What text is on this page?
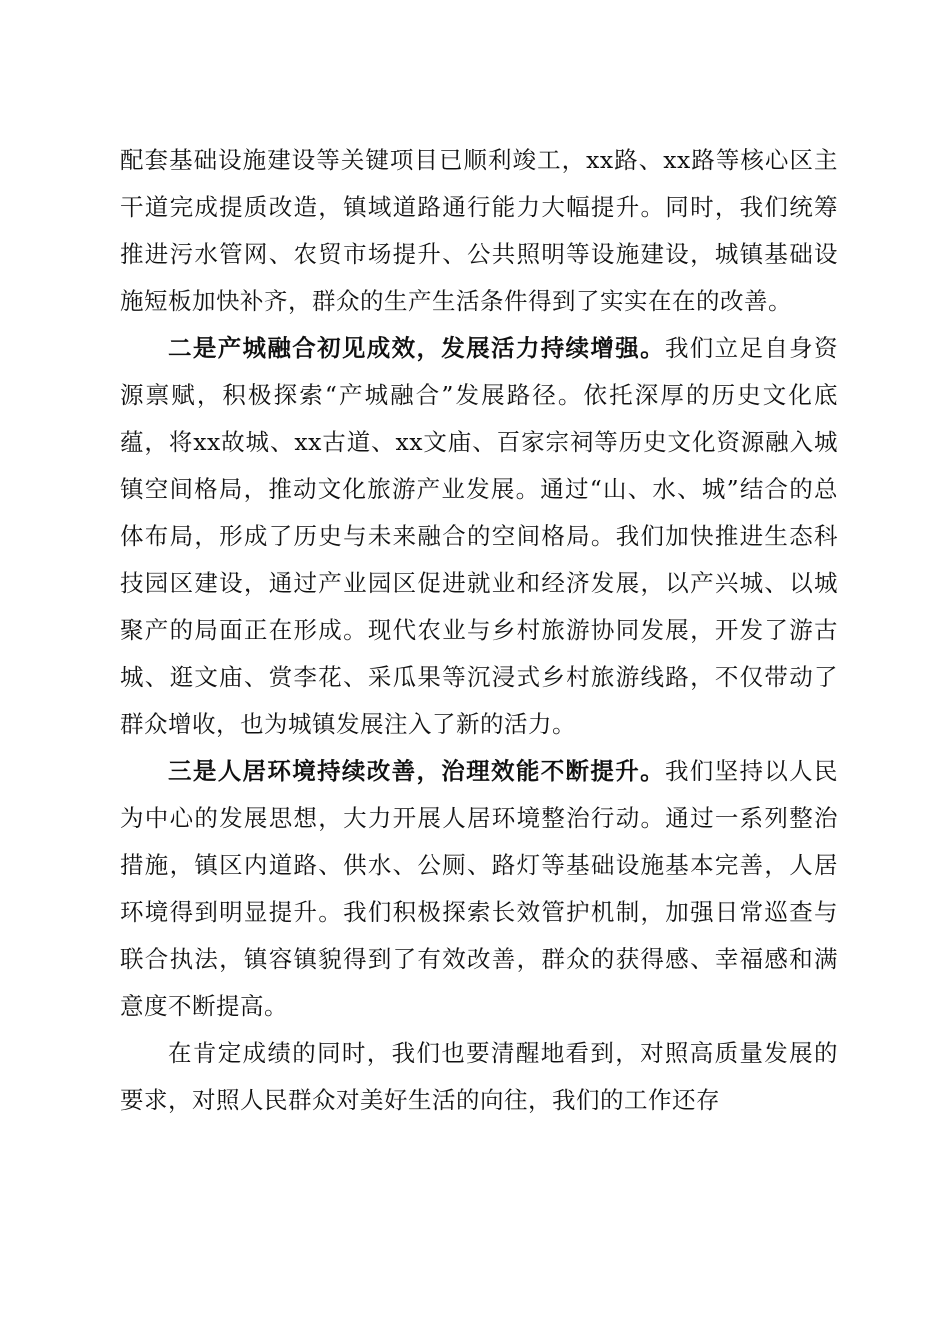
配套基础设施建设等关键项目已顺利竣工，xx路、xx路等核心区主干道完成提质改造，镇域道路通行能力大幅提升。同时，我们统筹推进污水管网、农贸市场提升、公共照明等设施建设，城镇基础设施短板加快补齐，群众的生产生活条件得到了实实在在的改善。

二是产城融合初见成效，发展活力持续增强。我们立足自身资源禀赋，积极探索“产城融合”发展路径。依托深厚的历史文化底蕴，将xx故城、xx古道、xx文庙、百家宗祠等历史文化资源融入城镇空间格局，推动文化旅游产业发展。通过“山、水、城”结合的总体布局，形成了历史与未来融合的空间格局。我们加快推进生态科技园区建设，通过产业园区促进就业和经济发展，以产兴城、以城聚产的局面正在形成。现代农业与乡村旅游协同发展，开发了游古城、逛文庙、赏李花、采瓜果等沉浸式乡村旅游线路，不仅带动了群众增收，也为城镇发展注入了新的活力。

三是人居环境持续改善，治理效能不断提升。我们坚持以人民为中心的发展思想，大力开展人居环境整治行动。通过一系列整治措施，镇区内道路、供水、公厕、路灯等基础设施基本完善，人居环境得到明显提升。我们积极探索长效管护机制，加强日常巡查与联合执法，镇容镇貌得到了有效改善，群众的获得感、幸福感和满意度不断提高。

在肯定成绩的同时，我们也要清醒地看到，对照高质量发展的要求，对照人民群众对美好生活的向往，我们的工作还存
